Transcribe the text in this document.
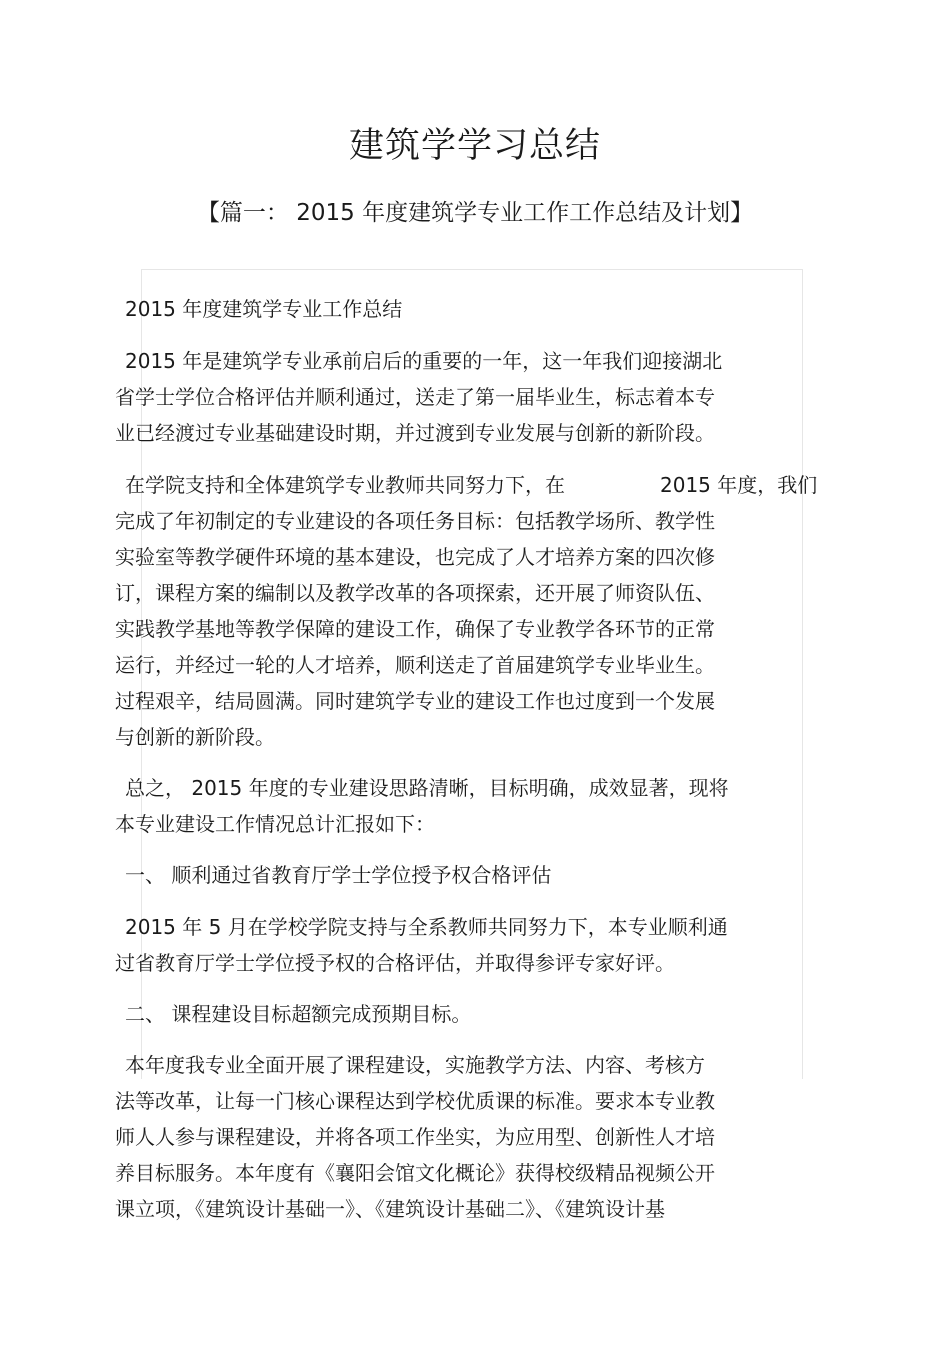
建筑学学习总结
【篇一： 2015 年度建筑学专业工作工作总结及计划】
2015 年度建筑学专业工作总结
2015 年是建筑学专业承前启后的重要的一年，这一年我们迎接湖北
省学士学位合格评估并顺利通过，送走了第一届毕业生，标志着本专
业已经渡过专业基础建设时期，并过渡到专业发展与创新的新阶段。
在学院支持和全体建筑学专业教师共同努力下，在	2015 年度，我们
完成了年初制定的专业建设的各项任务目标：包括教学场所、教学性
实验室等教学硬件环境的基本建设，也完成了人才培养方案的四次修
订，课程方案的编制以及教学改革的各项探索，还开展了师资队伍、
实践教学基地等教学保障的建设工作，确保了专业教学各环节的正常
运行，并经过一轮的人才培养，顺利送走了首届建筑学专业毕业生。
过程艰辛，结局圆满。同时建筑学专业的建设工作也过度到一个发展
与创新的新阶段。
总之， 2015 年度的专业建设思路清晰，目标明确，成效显著，现将
本专业建设工作情况总计汇报如下：
一、 顺利通过省教育厅学士学位授予权合格评估
2015 年 5 月在学校学院支持与全系教师共同努力下，本专业顺利通
过省教育厅学士学位授予权的合格评估，并取得参评专家好评。
二、 课程建设目标超额完成预期目标。
本年度我专业全面开展了课程建设，实施教学方法、内容、考核方
法等改革，让每一门核心课程达到学校优质课的标准。要求本专业教
师人人参与课程建设，并将各项工作坐实，为应用型、创新性人才培
养目标服务。本年度有《襄阳会馆文化概论》获得校级精品视频公开
课立项，《建筑设计基础一》、《建筑设计基础二》、《建筑设计基
